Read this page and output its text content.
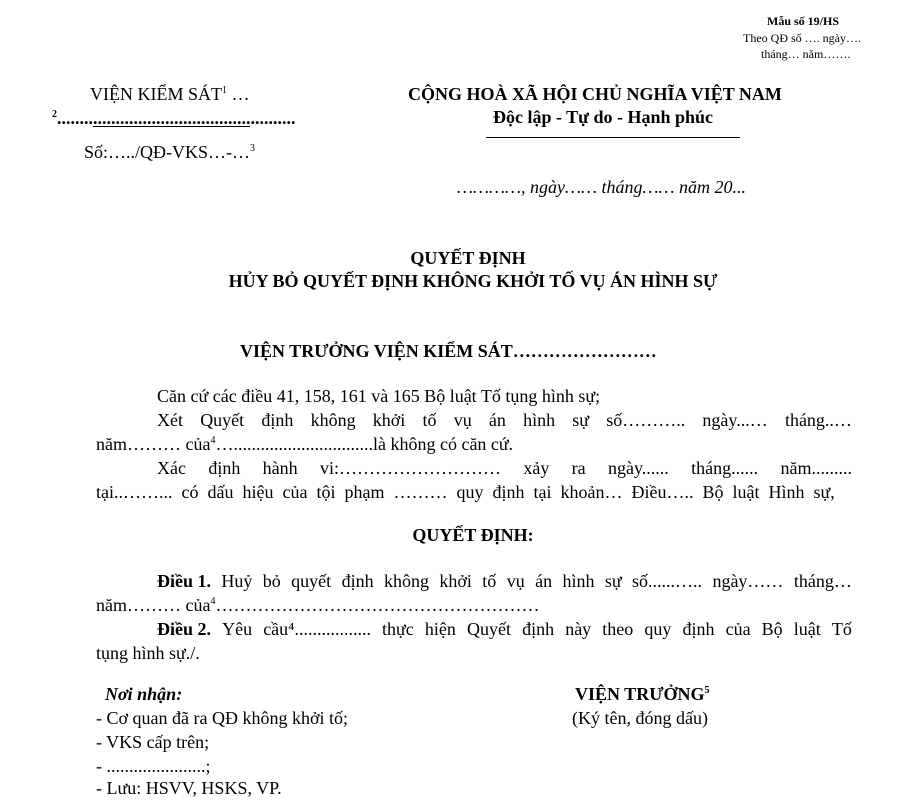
Mẫu số 19/HS
Theo QĐ số …. ngày….
tháng… năm…….
VIỆN KIỂM SÁT$^1$ …
$^2$.....................................................
Số:…../QĐ-VKS…-…$^3$
CỘNG HOÀ XÃ HỘI CHỦ NGHĨA VIỆT NAM
Độc lập - Tự do - Hạnh phúc
…………, ngày…… tháng…… năm 20...
QUYẾT ĐỊNH
HỦY BỎ QUYẾT ĐỊNH KHÔNG KHỞI TỐ VỤ ÁN HÌNH SỰ
VIỆN TRƯỞNG VIỆN KIỂM SÁT……………………
Căn cứ các điều 41, 158, 161 và 165 Bộ luật Tố tụng hình sự;
Xét Quyết định không khởi tố vụ án hình sự số……….. ngày...… tháng..…
năm……… của$^4$…...............................là không có căn cứ.
Xác định hành vi:……………………… xảy ra ngày...... tháng...... năm.........
tại..……... có dấu hiệu của tội phạm ……… quy định tại khoản… Điều….. Bộ luật Hình sự,
QUYẾT ĐỊNH:
Điều 1. Huỷ bỏ quyết định không khởi tố vụ án hình sự số......….. ngày…… tháng…
năm……… của$^4$………………………………………………
Điều 2. Yêu cầu⁴................. thực hiện Quyết định này theo quy định của Bộ luật Tố
tụng hình sự./.
Nơi nhận:
- Cơ quan đã ra QĐ không khởi tố;
- VKS cấp trên;
- ......................;
- Lưu: HSVV, HSKS, VP.
VIỆN TRƯỞNG$^5$
(Ký tên, đóng dấu)
